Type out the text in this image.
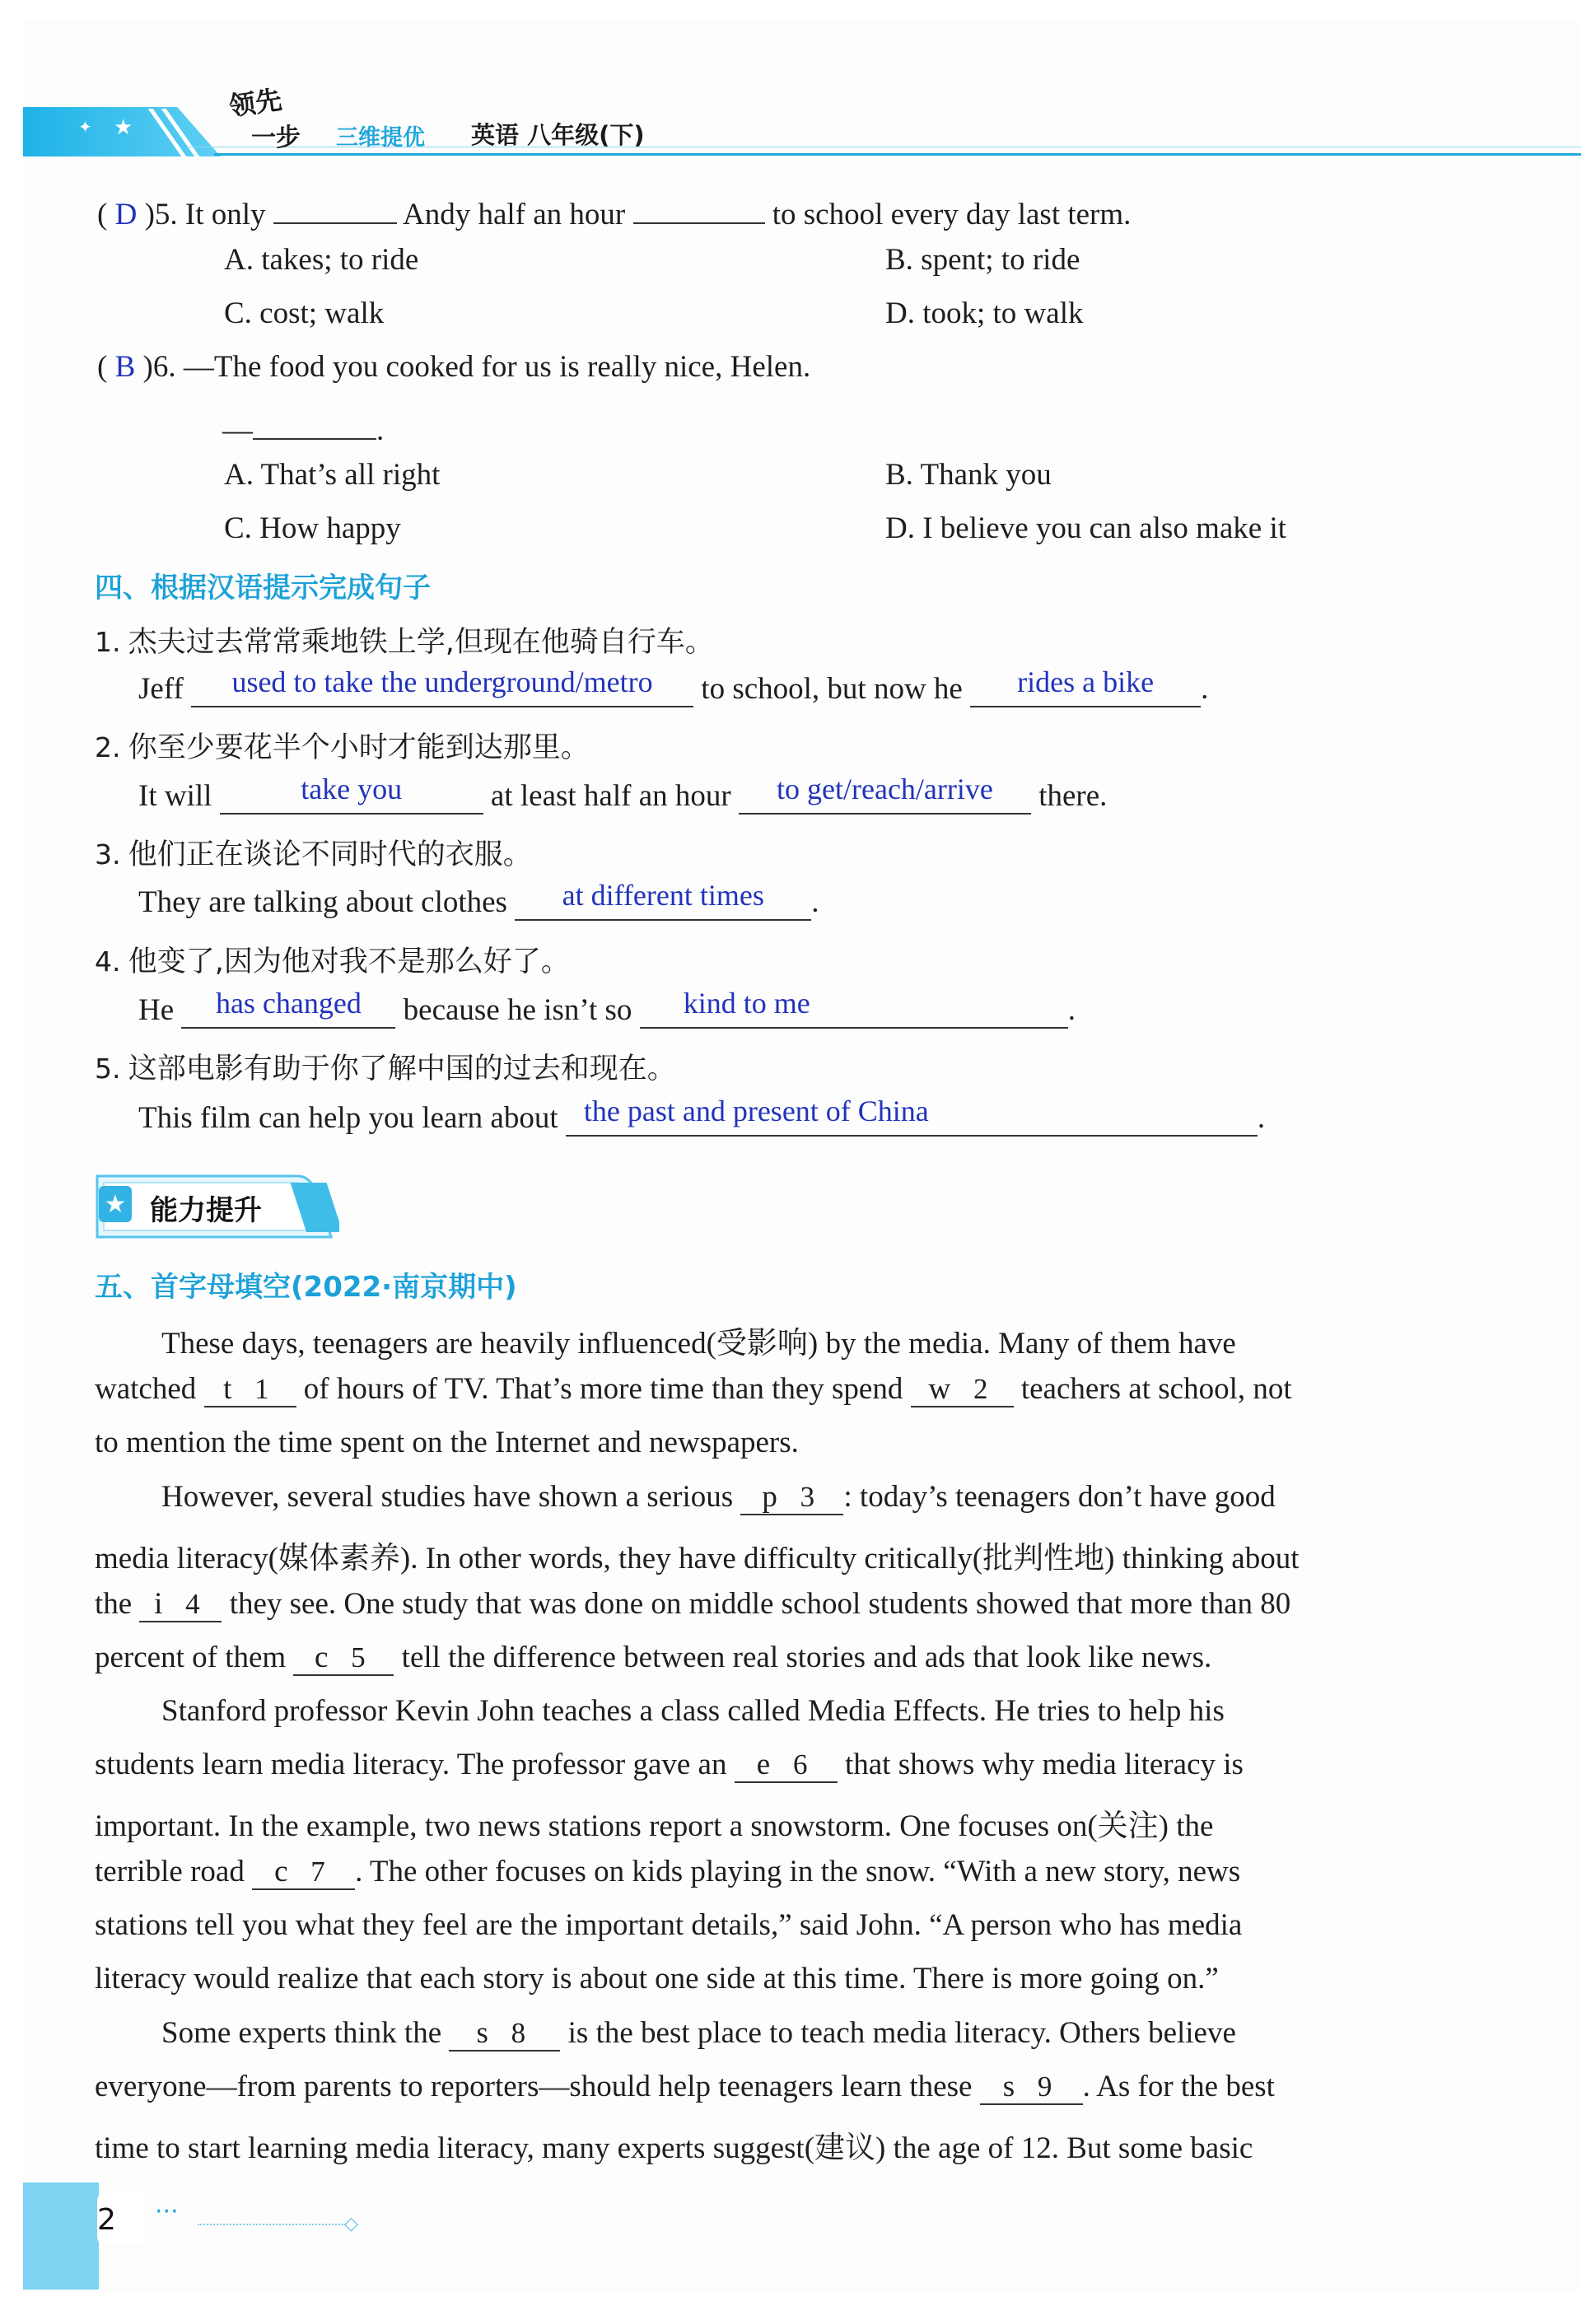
✦ ★
领先
一步 三维提优 英语 八年级(下)
( D )5. It only	Andy half an hour	to school every day last term.
A. takes; to ride	B. spent; to ride
C. cost; walk	D. took; to walk
( B )6. —The food you cooked for us is really nice, Helen.
—	.
A. That’s all right	B. Thank you
C. How happy	D. I believe you can also make it
四、根据汉语提示完成句子
1. 杰夫过去常常乘地铁上学,但现在他骑自行车。
Jeff used to take the underground/metro to school, but now he rides a bike .
2. 你至少要花半个小时才能到达那里。
It will	take you	at least half an hour to get/reach/arrive there.
3. 他们正在谈论不同时代的衣服。
They are talking about clothes at different times .
4. 他变了,因为他对我不是那么好了。
He has changed because he isn’t so kind to me	.
5. 这部电影有助于你了解中国的过去和现在。
This film can help you learn about the past and present of China	.
★ 能力提升
五、首字母填空(2022·南京期中)
These days, teenagers are heavily influenced(受影响) by the media. Many of them have
watched t 1 of hours of TV. That’s more time than they spend w 2 teachers at school, not
to mention the time spent on the Internet and newspapers.
However, several studies have shown a serious p 3 : today’s teenagers don’t have good
media literacy(媒体素养). In other words, they have difficulty critically(批判性地) thinking about
the i 4 they see. One study that was done on middle school students showed that more than 80
percent of them c 5 tell the difference between real stories and ads that look like news.
Stanford professor Kevin John teaches a class called Media Effects. He tries to help his
students learn media literacy. The professor gave an e 6 that shows why media literacy is
important. In the example, two news stations report a snowstorm. One focuses on(关注) the
terrible road c 7 . The other focuses on kids playing in the snow. “With a new story, news
stations tell you what they feel are the important details,” said John. “A person who has media
literacy would realize that each story is about one side at this time. There is more going on.”
Some experts think the s 8 is the best place to teach media literacy. Others believe
everyone—from parents to reporters—should help teenagers learn these s 9 . As for the best
time to start learning media literacy, many experts suggest(建议) the age of 12. But some basic
2 ···	◇
